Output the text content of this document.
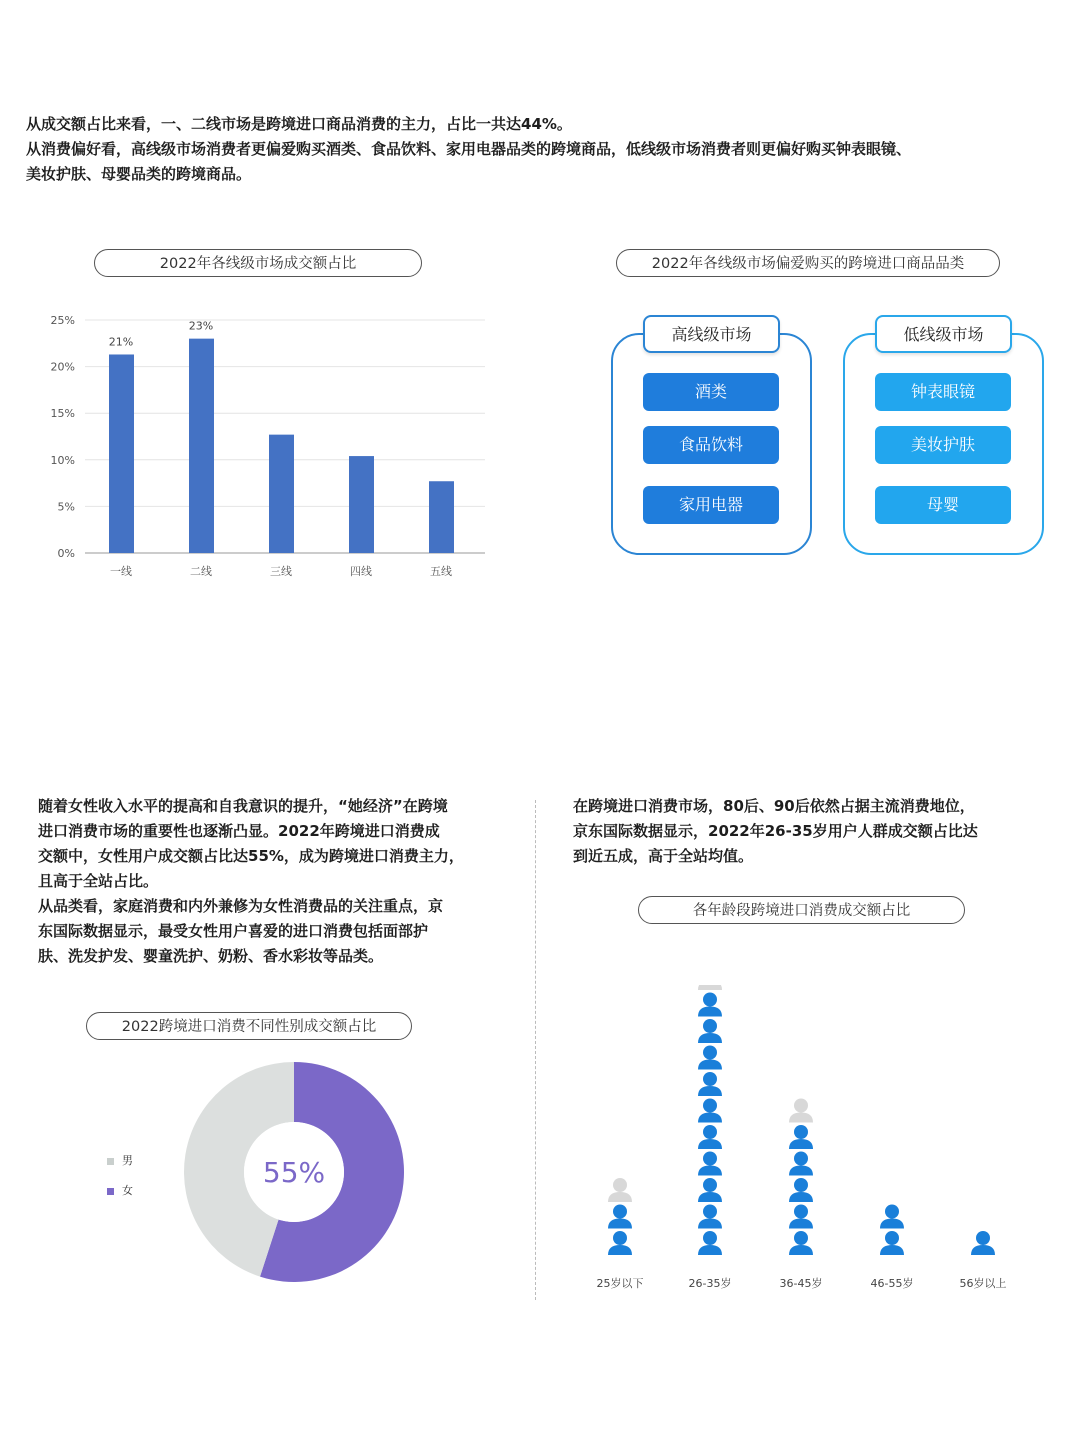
从成交额占比来看，一、二线市场是跨境进口商品消费的主力，占比一共达44%。

从消费偏好看，高线级市场消费者更偏爱购买酒类、食品饮料、家用电器品类的跨境商品，低线级市场消费者则更偏好购买钟表眼镜、

美妆护肤、母婴品类的跨境商品。

2022年各线级市场成交额占比
0%
5%
10%
15%
20%
25%
一线
21%
二线
23%
三线	四线	五线
2022年各线级市场偏爱购买的跨境进口商品品类
高线级市场
酒类
食品饮料
家用电器
低线级市场
钟表眼镜
美妆护肤
母婴

随着女性收入水平的提高和自我意识的提升，“她经济”在跨境

进口消费市场的重要性也逐渐凸显。2022年跨境进口消费成

交额中，女性用户成交额占比达55%，成为跨境进口消费主力，

且高于全站占比。

从品类看，家庭消费和内外兼修为女性消费品的关注重点，京

东国际数据显示，最受女性用户喜爱的进口消费包括面部护

肤、洗发护发、婴童洗护、奶粉、香水彩妆等品类。

2022跨境进口消费不同性别成交额占比
男
女
55%

在跨境进口消费市场，80后、90后依然占据主流消费地位，

京东国际数据显示，2022年26-35岁用户人群成交额占比达

到近五成，高于全站均值。

各年龄段跨境进口消费成交额占比
25岁以下	26-35岁	36-45岁	46-55岁	56岁以上
